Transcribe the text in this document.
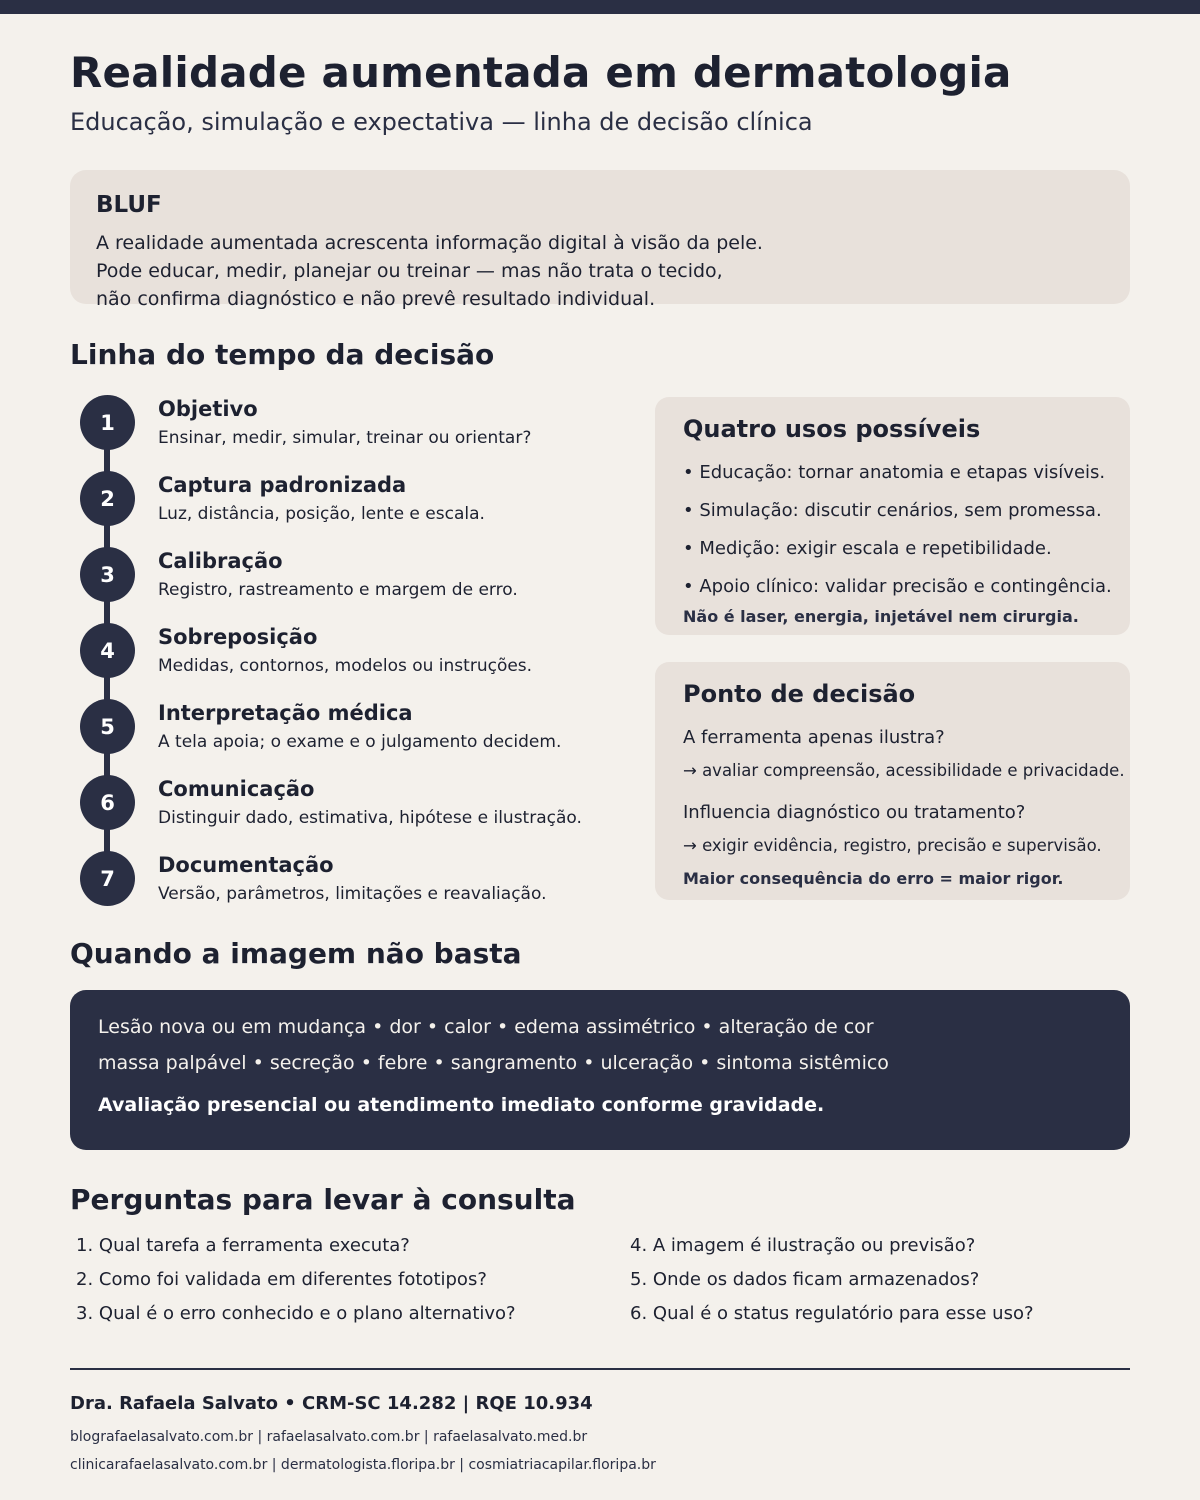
Realidade aumentada em dermatologia
Educação, simulação e expectativa — linha de decisão clínica
BLUF
A realidade aumentada acrescenta informação digital à visão da pele.
Pode educar, medir, planejar ou treinar — mas não trata o tecido,
não confirma diagnóstico e não prevê resultado individual.
Linha do tempo da decisão
1
Objetivo
Ensinar, medir, simular, treinar ou orientar?
2
Captura padronizada
Luz, distância, posição, lente e escala.
3
Calibração
Registro, rastreamento e margem de erro.
4
Sobreposição
Medidas, contornos, modelos ou instruções.
5
Interpretação médica
A tela apoia; o exame e o julgamento decidem.
6
Comunicação
Distinguir dado, estimativa, hipótese e ilustração.
7
Documentação
Versão, parâmetros, limitações e reavaliação.
Quatro usos possíveis
• Educação: tornar anatomia e etapas visíveis.
• Simulação: discutir cenários, sem promessa.
• Medição: exigir escala e repetibilidade.
• Apoio clínico: validar precisão e contingência.
Não é laser, energia, injetável nem cirurgia.
Ponto de decisão
A ferramenta apenas ilustra?
→ avaliar compreensão, acessibilidade e privacidade.
Influencia diagnóstico ou tratamento?
→ exigir evidência, registro, precisão e supervisão.
Maior consequência do erro = maior rigor.
Quando a imagem não basta
Lesão nova ou em mudança • dor • calor • edema assimétrico • alteração de cor
massa palpável • secreção • febre • sangramento • ulceração • sintoma sistêmico
Avaliação presencial ou atendimento imediato conforme gravidade.
Perguntas para levar à consulta
1. Qual tarefa a ferramenta executa?
2. Como foi validada em diferentes fototipos?
3. Qual é o erro conhecido e o plano alternativo?
4. A imagem é ilustração ou previsão?
5. Onde os dados ficam armazenados?
6. Qual é o status regulatório para esse uso?
Dra. Rafaela Salvato • CRM-SC 14.282 | RQE 10.934
blografaelasalvato.com.br | rafaelasalvato.com.br | rafaelasalvato.med.br
clinicarafaelasalvato.com.br | dermatologista.floripa.br | cosmiatriacapilar.floripa.br
